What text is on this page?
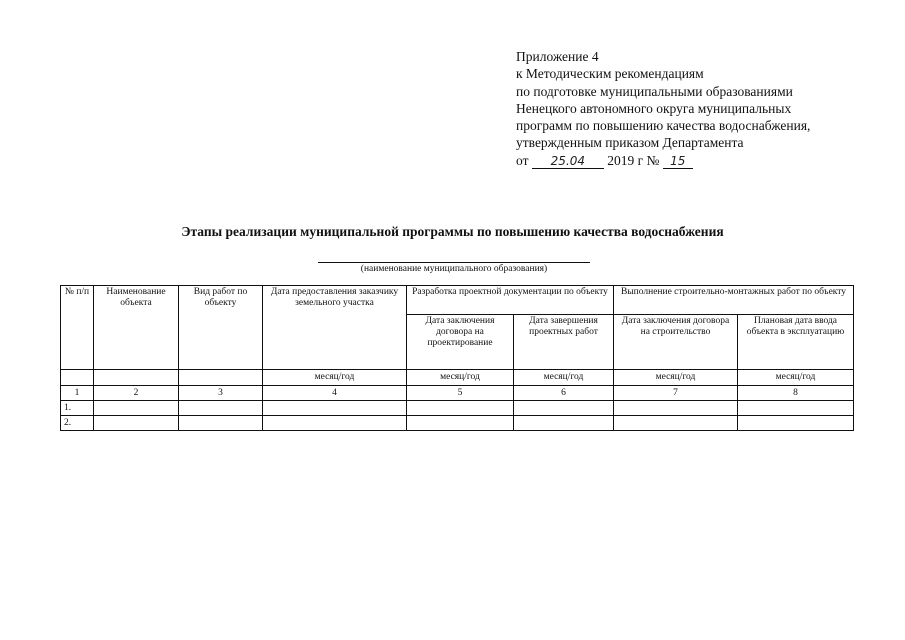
Приложение 4
к Методическим рекомендациям
по подготовке муниципальными образованиями
Ненецкого автономного округа муниципальных
программ по повышению качества водоснабжения,
утвержденным приказом Департамента
от 25.04 2019 г № 15
Этапы реализации муниципальной программы по повышению качества водоснабжения
(наименование муниципального образования)
№ п/п	Наименование объекта	Вид работ по объекту	Дата предоставления заказчику земельного участка	Разработка проектной документации по объекту		Выполнение строительно-монтажных работ по объекту	
				Дата заключения договора на проектирование	Дата завершения проектных работ	Дата заключения договора на строительство	Плановая дата ввода объекта в эксплуатацию
			месяц/год	месяц/год	месяц/год	месяц/год	месяц/год
1	2	3	4	5	6	7	8
1.							
2.							
